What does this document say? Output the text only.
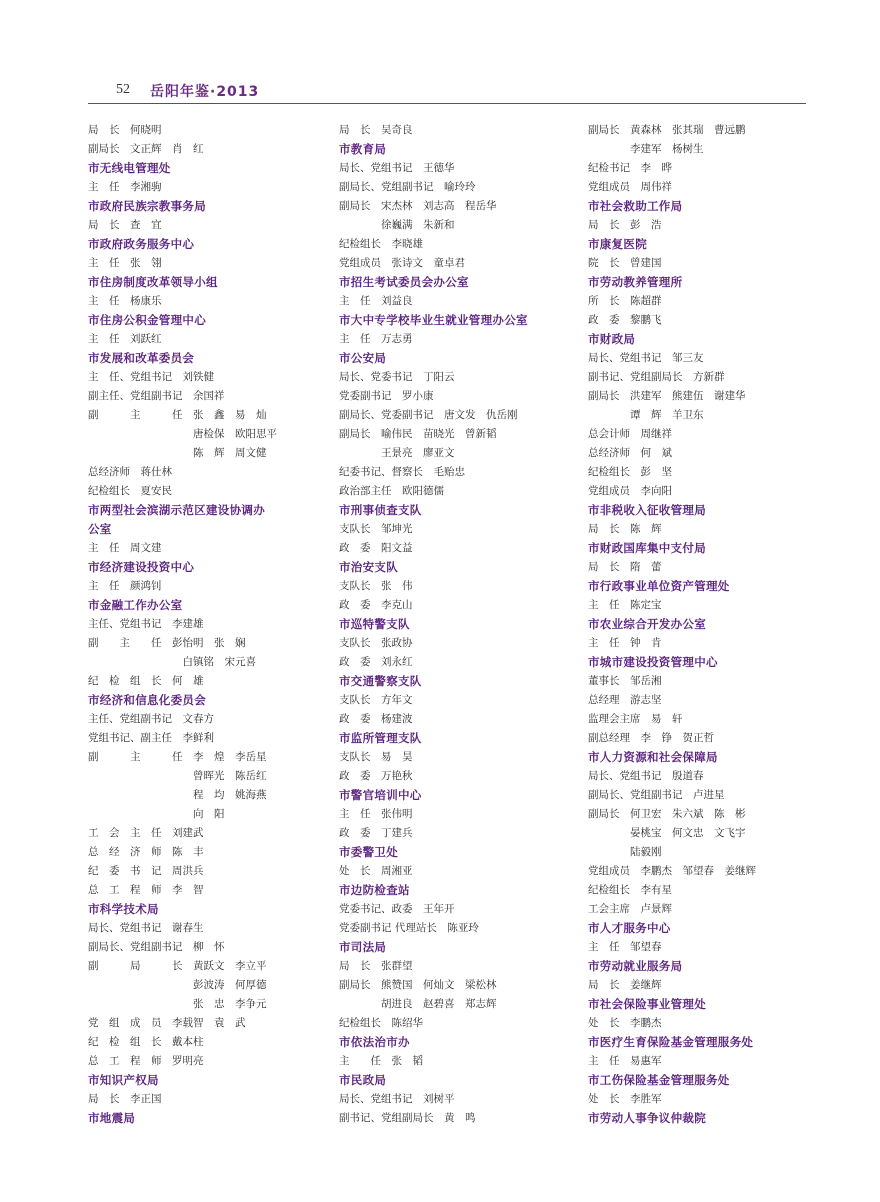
52 岳阳年鉴·2013
局　长　何晓明
副局长　文正辉　肖　红
市无线电管理处
主　任　李湘驹
市政府民族宗教事务局
局　长　查　宜
市政府政务服务中心
主　任　张　翎
市住房制度改革领导小组
主　任　杨康乐
市住房公积金管理中心
主　任　刘跃红
市发展和改革委员会
主　任、党组书记　刘铁健
副主任、党组副书记　余国祥
副　　　主　　　任　张　鑫　易　灿
　　　　　　　　　　唐检保　欧阳思平
　　　　　　　　　　陈　辉　周文健
总经济师　蒋仕林
纪检组长　夏安民
市两型社会滨湖示范区建设协调办
公室
主　任　周文建
市经济建设投资中心
主　任　颜鸿钊
市金融工作办公室
主任、党组书记　李建雄
副　　主　　任　彭怡明　张　娴
　　　　　　　　　白镇铭　宋元喜
纪　检　组　长　何　雄
市经济和信息化委员会
主任、党组副书记　文春方
党组书记、副主任　李鲜利
副　　　主　　　任　李　煌　李岳星
　　　　　　　　　　曾晖光　陈岳红
　　　　　　　　　　程　均　姚海燕
　　　　　　　　　　向　阳
工　会　主　任　刘建武
总　经　济　师　陈　丰
纪　委　书　记　周洪兵
总　工　程　师　李　智
市科学技术局
局长、党组书记　谢春生
副局长、党组副书记　柳　怀
副　　　局　　　长　黄跃文　李立平
　　　　　　　　　　彭波涛　何厚德
　　　　　　　　　　张　忠　李争元
党　组　成　员　李载智　袁　武
纪　检　组　长　戴本柱
总　工　程　师　罗明亮
市知识产权局
局　长　李正国
市地震局
局　长　吴奇良
市教育局
局长、党组书记　王德华
副局长、党组副书记　喻玲玲
副局长　宋杰林　刘志高　程岳华
　　　　徐巍满　朱新和
纪检组长　李晓雄
党组成员　张诗文　童卓君
市招生考试委员会办公室
主　任　刘益良
市大中专学校毕业生就业管理办公室
主　任　万志勇
市公安局
局长、党委书记　丁阳云
党委副书记　罗小康
副局长、党委副书记　唐文发　仇岳刚
副局长　喻伟民　苗晓光　曾新韬
　　　　王景亮　廖亚文
纪委书记、督察长　毛贻忠
政治部主任　欧阳德儒
市刑事侦查支队
支队长　邹坤光
政　委　阳文益
市治安支队
支队长　张　伟
政　委　李克山
市巡特警支队
支队长　张政协
政　委　刘永红
市交通警察支队
支队长　方年文
政　委　杨建波
市监所管理支队
支队长　易　昊
政　委　万艳秋
市警官培训中心
主　任　张伟明
政　委　丁建兵
市委警卫处
处　长　周湘亚
市边防检查站
党委书记、政委　王年开
党委副书记 代理站长　陈亚玲
市司法局
局　长　张群望
副局长　熊赞国　何灿文　梁松林
　　　　胡进良　赵碧喜　郑志辉
纪检组长　陈绍华
市依法治市办
主　　任　张　韬
市民政局
局长、党组书记　刘树平
副书记、党组副局长　黄　鸣
副局长　黄森林　张其瑞　曹远鹏
　　　　李建军　杨树生
纪检书记　李　晔
党组成员　周伟祥
市社会救助工作局
局　长　彭　浩
市康复医院
院　长　曾建国
市劳动教养管理所
所　长　陈超群
政　委　黎鹏飞
市财政局
局长、党组书记　邹三友
副书记、党组副局长　方新群
副局长　洪建军　熊建伍　谢建华
　　　　谭　辉　羊卫东
总会计师　周继祥
总经济师　何　斌
纪检组长　彭　坚
党组成员　李向阳
市非税收入征收管理局
局　长　陈　辉
市财政国库集中支付局
局　长　隋　蕾
市行政事业单位资产管理处
主　任　陈定宝
市农业综合开发办公室
主　任　钟　肯
市城市建设投资管理中心
董事长　邹岳湘
总经理　游志坚
监理会主席　易　轩
副总经理　李　铮　贺正哲
市人力资源和社会保障局
局长、党组书记　殷道春
副局长、党组副书记　卢进星
副局长　何卫宏　朱六斌　陈　彬
　　　　晏桃宝　何文忠　文飞宇
　　　　陆毅刚
党组成员　李鹏杰　邹望春　姜继辉
纪检组长　李有星
工会主席　卢景辉
市人才服务中心
主　任　邹望春
市劳动就业服务局
局　长　姜继辉
市社会保险事业管理处
处　长　李鹏杰
市医疗生育保险基金管理服务处
主　任　易惠军
市工伤保险基金管理服务处
处　长　李胜军
市劳动人事争议仲裁院
